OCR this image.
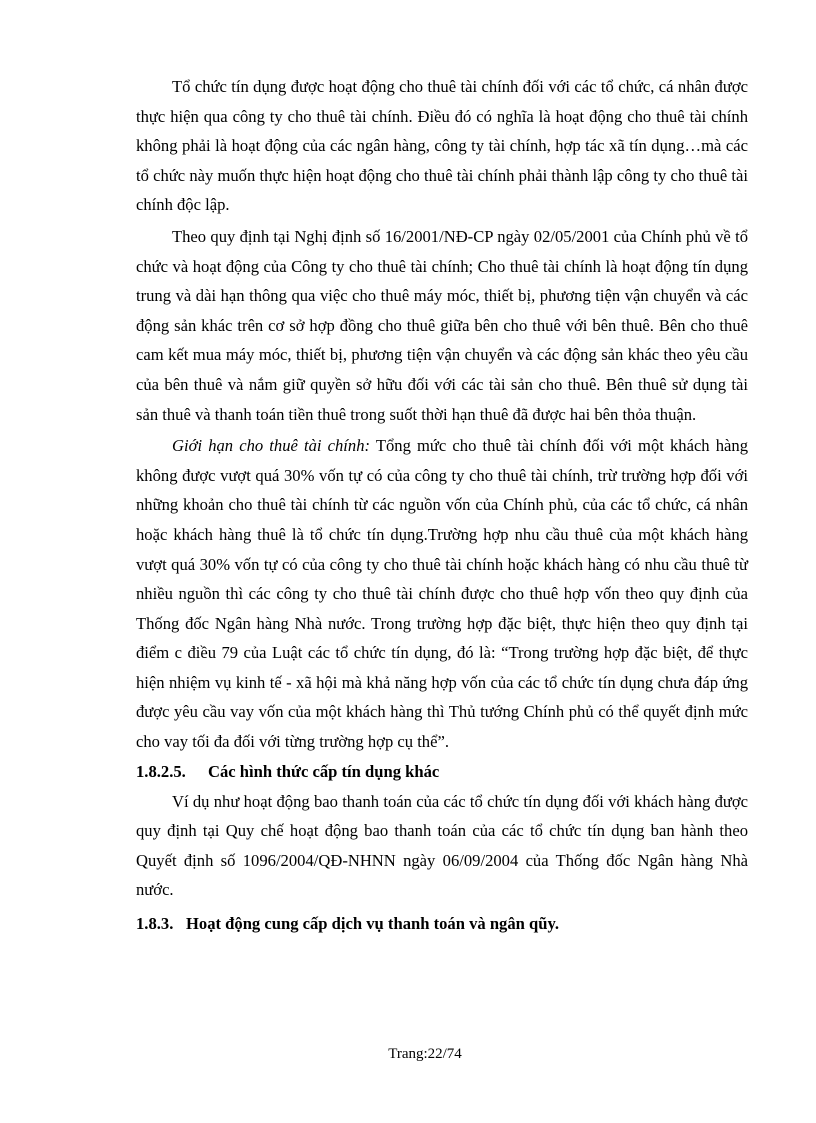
Tổ chức tín dụng được hoạt động cho thuê tài chính đối với các tổ chức, cá nhân được thực hiện qua công ty cho thuê tài chính. Điều đó có nghĩa là hoạt động cho thuê tài chính không phải là hoạt động của các ngân hàng, công ty tài chính, hợp tác xã tín dụng…mà các tổ chức này muốn thực hiện hoạt động cho thuê tài chính phải thành lập công ty cho thuê tài chính độc lập.

Theo quy định tại Nghị định số 16/2001/NĐ-CP ngày 02/05/2001 của Chính phủ về tổ chức và hoạt động của Công ty cho thuê tài chính; Cho thuê tài chính là hoạt động tín dụng trung và dài hạn thông qua việc cho thuê máy móc, thiết bị, phương tiện vận chuyển và các động sản khác trên cơ sở hợp đồng cho thuê giữa bên cho thuê với bên thuê. Bên cho thuê cam kết mua máy móc, thiết bị, phương tiện vận chuyển và các động sản khác theo yêu cầu của bên thuê và nắm giữ quyền sở hữu đối với các tài sản cho thuê. Bên thuê sử dụng tài sản thuê và thanh toán tiền thuê trong suốt thời hạn thuê đã được hai bên thỏa thuận.

Giới hạn cho thuê tài chính: Tổng mức cho thuê tài chính đối với một khách hàng không được vượt quá 30% vốn tự có của công ty cho thuê tài chính, trừ trường hợp đối với những khoản cho thuê tài chính từ các nguồn vốn của Chính phủ, của các tổ chức, cá nhân hoặc khách hàng thuê là tổ chức tín dụng.Trường hợp nhu cầu thuê của một khách hàng vượt quá 30% vốn tự có của công ty cho thuê tài chính hoặc khách hàng có nhu cầu thuê từ nhiều nguồn thì các công ty cho thuê tài chính được cho thuê hợp vốn theo quy định của Thống đốc Ngân hàng Nhà nước. Trong trường hợp đặc biệt, thực hiện theo quy định tại điểm c điều 79 của Luật các tổ chức tín dụng, đó là: “Trong trường hợp đặc biệt, để thực hiện nhiệm vụ kinh tế - xã hội mà khả năng hợp vốn của các tổ chức tín dụng chưa đáp ứng được yêu cầu vay vốn của một khách hàng thì Thủ tướng Chính phủ có thể quyết định mức cho vay tối đa đối với từng trường hợp cụ thể”.

1.8.2.5. Các hình thức cấp tín dụng khác

Ví dụ như hoạt động bao thanh toán của các tổ chức tín dụng đối với khách hàng được quy định tại Quy chế hoạt động bao thanh toán của các tổ chức tín dụng ban hành theo Quyết định số 1096/2004/QĐ-NHNN ngày 06/09/2004 của Thống đốc Ngân hàng Nhà nước.

1.8.3. Hoạt động cung cấp dịch vụ thanh toán và ngân qũy.

Trang:22/74
